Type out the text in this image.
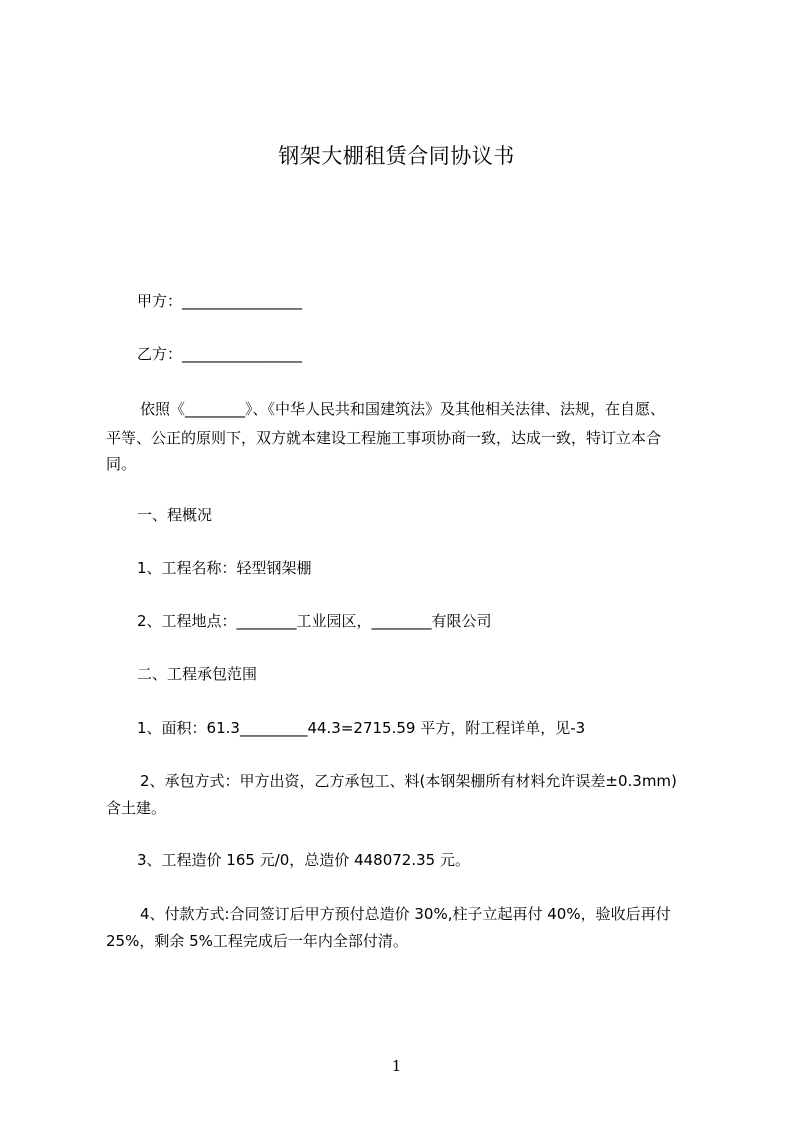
钢架大棚租赁合同协议书
甲方：________________
乙方：________________
依照《________》、《中华人民共和国建筑法》及其他相关法律、法规，在自愿、
平等、公正的原则下，双方就本建设工程施工事项协商一致，达成一致，特订立本合
同。
一、程概况
1、工程名称：轻型钢架棚
2、工程地点：________工业园区，________有限公司
二、工程承包范围
1、面积：61.3_________44.3=2715.59 平方，附工程详单，见-3
2、承包方式：甲方出资，乙方承包工、料(本钢架棚所有材料允许误差±0.3mm)
含土建。
3、工程造价 165 元/0，总造价 448072.35 元。
4、付款方式:合同签订后甲方预付总造价 30%,柱子立起再付 40%，验收后再付
25%，剩余 5%工程完成后一年内全部付清。
1
